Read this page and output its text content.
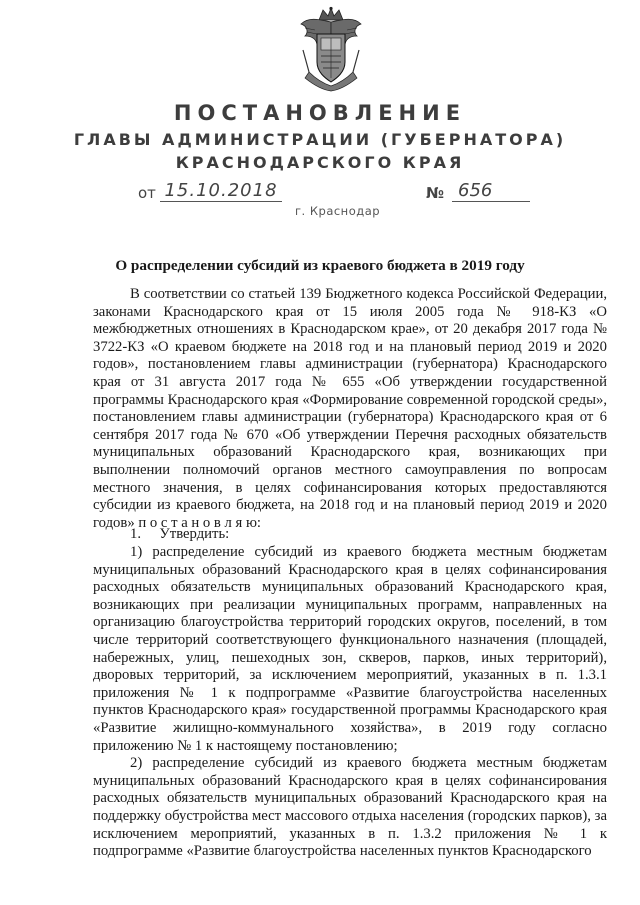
ПОСТАНОВЛЕНИЕ
ГЛАВЫ АДМИНИСТРАЦИИ (ГУБЕРНАТОРА)
КРАСНОДАРСКОГО КРАЯ
от 15.10.2018	№ 656
г. Краснодар
О распределении субсидий из краевого бюджета в 2019 году

В соответствии со статьей 139 Бюджетного кодекса Российской Федерации, законами Краснодарского края от 15 июля 2005 года № 918-КЗ «О межбюджетных отношениях в Краснодарском крае», от 20 декабря 2017 года № 3722-КЗ «О краевом бюджете на 2018 год и на плановый период 2019 и 2020 годов», постановлением главы администрации (губернатора) Краснодарского края от 31 августа 2017 года № 655 «Об утверждении государственной программы Краснодарского края «Формирование современной городской среды», постановлением главы администрации (губернатора) Краснодарского края от 6 сентября 2017 года № 670 «Об утверждении Перечня расходных обязательств муниципальных образований Краснодарского края, возникающих при выполнении полномочий органов местного самоуправления по вопросам местного значения, в целях софинансирования которых предоставляются субсидии из краевого бюджета, на 2018 год и на плановый период 2019 и 2020 годов» п о с т а н о в л я ю:

1.     Утвердить:

1) распределение субсидий из краевого бюджета местным бюджетам муниципальных образований Краснодарского края в целях софинансирования расходных обязательств муниципальных образований Краснодарского края, возникающих при реализации муниципальных программ, направленных на организацию благоустройства территорий городских округов, поселений, в том числе территорий соответствующего функционального назначения (площадей, набережных, улиц, пешеходных зон, скверов, парков, иных территорий), дворовых территорий, за исключением мероприятий, указанных в п. 1.3.1 приложения № 1 к подпрограмме «Развитие благоустройства населенных пунктов Краснодарского края» государственной программы Краснодарского края «Развитие жилищно-коммунального хозяйства», в 2019 году согласно приложению № 1 к настоящему постановлению;

2) распределение субсидий из краевого бюджета местным бюджетам муниципальных образований Краснодарского края в целях софинансирования расходных обязательств муниципальных образований Краснодарского края на поддержку обустройства мест массового отдыха населения (городских парков), за исключением мероприятий, указанных в п. 1.3.2 приложения № 1 к подпрограмме «Развитие благоустройства населенных пунктов Краснодарского
